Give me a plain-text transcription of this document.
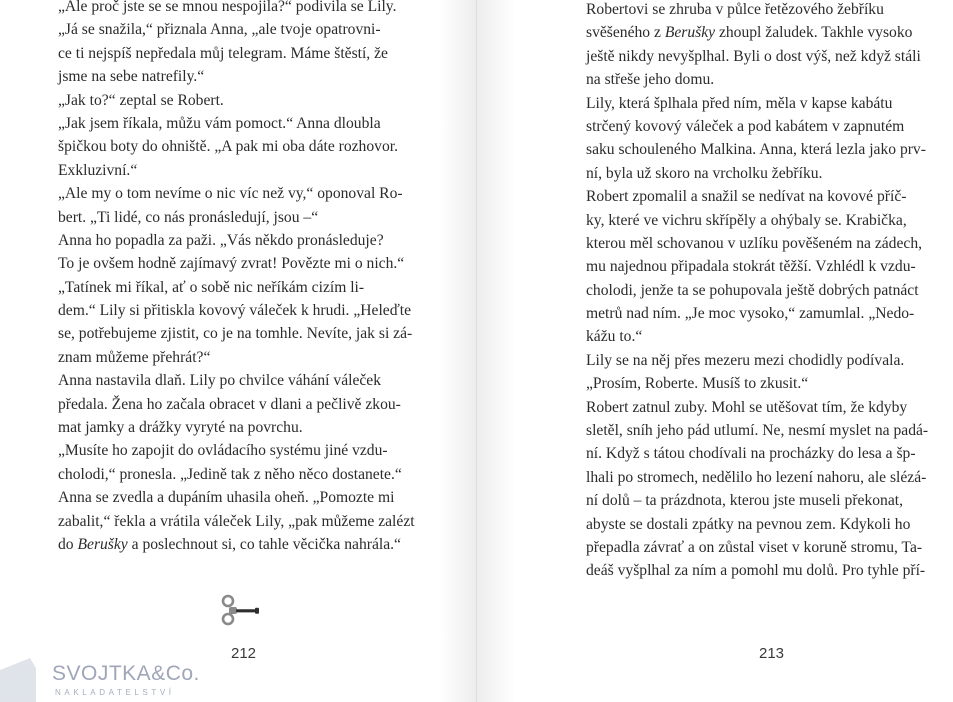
„Ale proč jste se se mnou nespojila?“ podivila se Lily.
„Já se snažila,“ přiznala Anna, „ale tvoje opatrovni-
ce ti nejspíš nepředala můj telegram. Máme štěstí, že
jsme na sebe natrefily.“
„Jak to?“ zeptal se Robert.
„Jak jsem říkala, můžu vám pomoct.“ Anna dloubla
špičkou boty do ohniště. „A pak mi oba dáte rozhovor.
Exkluzivní.“
„Ale my o tom nevíme o nic víc než vy,“ oponoval Ro-
bert. „Ti lidé, co nás pronásledují, jsou –“
Anna ho popadla za paži. „Vás někdo pronásleduje?
To je ovšem hodně zajímavý zvrat! Povězte mi o nich.“
„Tatínek mi říkal, ať o sobě nic neříkám cizím li-
dem.“ Lily si přitiskla kovový váleček k hrudi. „Heleďte
se, potřebujeme zjistit, co je na tomhle. Nevíte, jak si zá-
znam můžeme přehrát?“
Anna nastavila dlaň. Lily po chvilce váhání váleček
předala. Žena ho začala obracet v dlani a pečlivě zkou-
mat jamky a drážky vyryté na povrchu.
„Musíte ho zapojit do ovládacího systému jiné vzdu-
cholodi,“ pronesla. „Jedině tak z něho něco dostanete.“
Anna se zvedla a dupáním uhasila oheň. „Pomozte mi
zabalit,“ řekla a vrátila váleček Lily, „pak můžeme zalézt
do Berušky a poslechnout si, co tahle věcička nahrála.“
212
SVOJTKA&Co.
NAKLADATELSTVÍ
Robertovi se zhruba v půlce řetězového žebříku
svěšeného z Berušky zhoupl žaludek. Takhle vysoko
ještě nikdy nevyšplhal. Byli o dost výš, než když stáli
na střeše jeho domu.
Lily, která šplhala před ním, měla v kapse kabátu
strčený kovový váleček a pod kabátem v zapnutém
saku schouleného Malkina. Anna, která lezla jako prv-
ní, byla už skoro na vrcholku žebříku.
Robert zpomalil a snažil se nedívat na kovové příč-
ky, které ve vichru skřípěly a ohýbaly se. Krabička,
kterou měl schovanou v uzlíku pověšeném na zádech,
mu najednou připadala stokrát těžší. Vzhlédl k vzdu-
cholodi, jenže ta se pohupovala ještě dobrých patnáct
metrů nad ním. „Je moc vysoko,“ zamumlal. „Nedo-
kážu to.“
Lily se na něj přes mezeru mezi chodidly podívala.
„Prosím, Roberte. Musíš to zkusit.“
Robert zatnul zuby. Mohl se utěšovat tím, že kdyby
sletěl, sníh jeho pád utlumí. Ne, nesmí myslet na padá-
ní. Když s tátou chodívali na procházky do lesa a šp-
lhali po stromech, nedělilo ho lezení nahoru, ale slézá-
ní dolů – ta prázdnota, kterou jste museli překonat,
abyste se dostali zpátky na pevnou zem. Kdykoli ho
přepadla závrať a on zůstal viset v koruně stromu, Ta-
deáš vyšplhal za ním a pomohl mu dolů. Pro tyhle pří-
213
